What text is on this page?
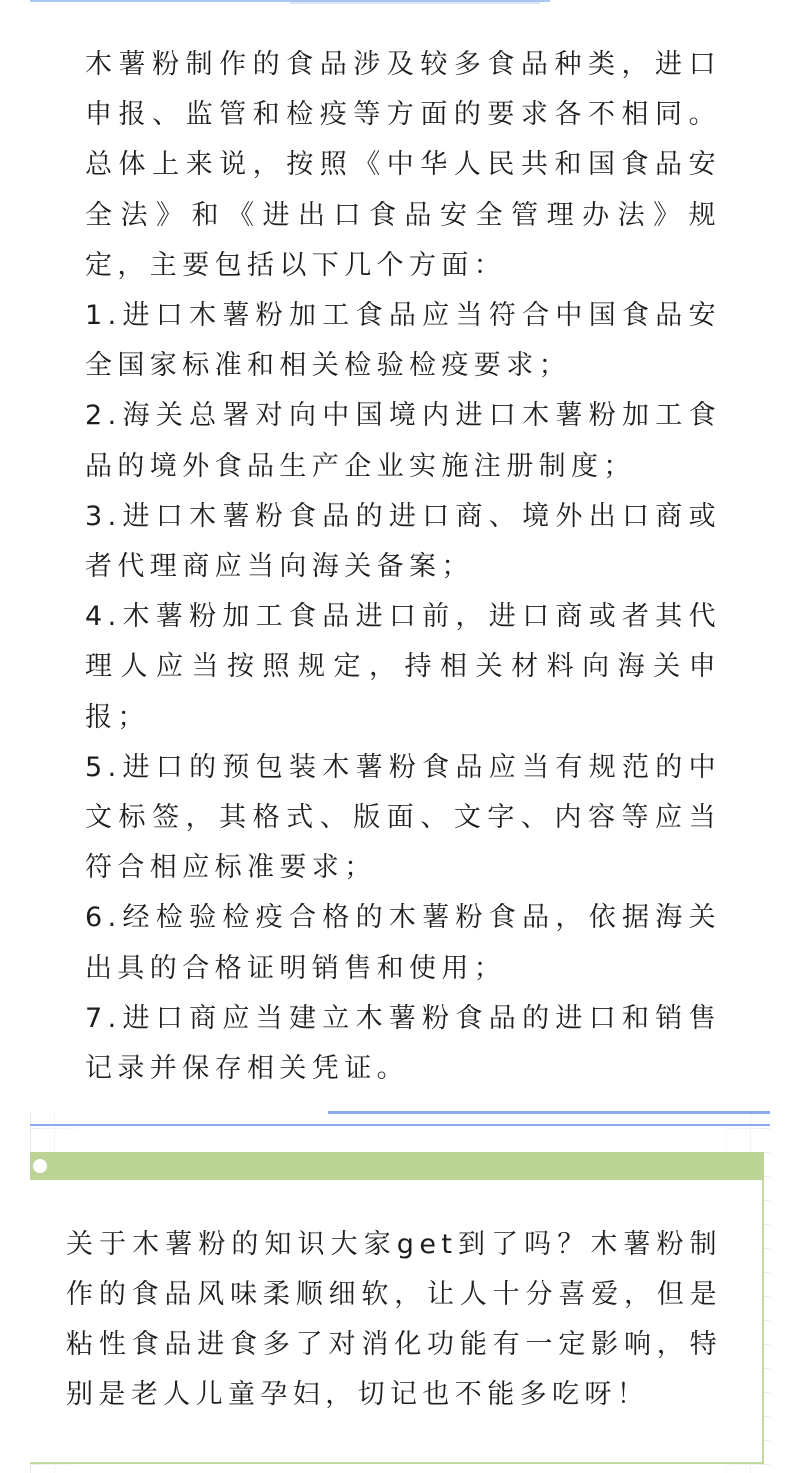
木薯粉制作的食品涉及较多食品种类，进口申报、监管和检疫等方面的要求各不相同。总体上来说，按照《中华人民共和国食品安全法》和《进出口食品安全管理办法》规定，主要包括以下几个方面：

1.进口木薯粉加工食品应当符合中国食品安全国家标准和相关检验检疫要求；

2.海关总署对向中国境内进口木薯粉加工食品的境外食品生产企业实施注册制度；

3.进口木薯粉食品的进口商、境外出口商或者代理商应当向海关备案；

4.木薯粉加工食品进口前，进口商或者其代理人应当按照规定，持相关材料向海关申报；

5.进口的预包装木薯粉食品应当有规范的中文标签，其格式、版面、文字、内容等应当符合相应标准要求；

6.经检验检疫合格的木薯粉食品，依据海关出具的合格证明销售和使用；

7.进口商应当建立木薯粉食品的进口和销售记录并保存相关凭证。

关于木薯粉的知识大家get到了吗？木薯粉制作的食品风味柔顺细软，让人十分喜爱，但是粘性食品进食多了对消化功能有一定影响，特别是老人儿童孕妇，切记也不能多吃呀！
